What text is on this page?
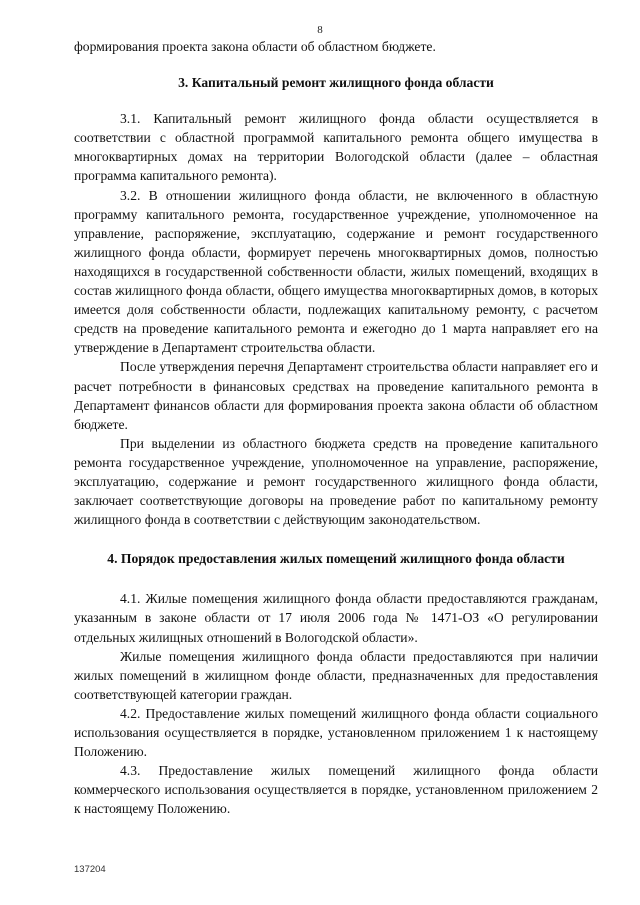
8

формирования проекта закона области об областном бюджете.

3. Капитальный ремонт жилищного фонда области

3.1. Капитальный ремонт жилищного фонда области осуществляется в соответствии с областной программой капитального ремонта общего имущества в многоквартирных домах на территории Вологодской области (далее – областная программа капитального ремонта).

3.2. В отношении жилищного фонда области, не включенного в областную программу капитального ремонта, государственное учреждение, уполномоченное на управление, распоряжение, эксплуатацию, содержание и ремонт государственного жилищного фонда области, формирует перечень многоквартирных домов, полностью находящихся в государственной собственности области, жилых помещений, входящих в состав жилищного фонда области, общего имущества многоквартирных домов, в которых имеется доля собственности области, подлежащих капитальному ремонту, с расчетом средств на проведение капитального ремонта и ежегодно до 1 марта направляет его на утверждение в Департамент строительства области.

После утверждения перечня Департамент строительства области направляет его и расчет потребности в финансовых средствах на проведение капитального ремонта в Департамент финансов области для формирования проекта закона области об областном бюджете.

При выделении из областного бюджета средств на проведение капитального ремонта государственное учреждение, уполномоченное на управление, распоряжение, эксплуатацию, содержание и ремонт государственного жилищного фонда области, заключает соответствующие договоры на проведение работ по капитальному ремонту жилищного фонда в соответствии с действующим законодательством.

4. Порядок предоставления жилых помещений жилищного фонда области

4.1. Жилые помещения жилищного фонда области предоставляются гражданам, указанным в законе области от 17 июля 2006 года № 1471-ОЗ «О регулировании отдельных жилищных отношений в Вологодской области».

Жилые помещения жилищного фонда области предоставляются при наличии жилых помещений в жилищном фонде области, предназначенных для предоставления соответствующей категории граждан.

4.2. Предоставление жилых помещений жилищного фонда области социального использования осуществляется в порядке, установленном приложением 1 к настоящему Положению.

4.3. Предоставление жилых помещений жилищного фонда области коммерческого использования осуществляется в порядке, установленном приложением 2 к настоящему Положению.

137204
